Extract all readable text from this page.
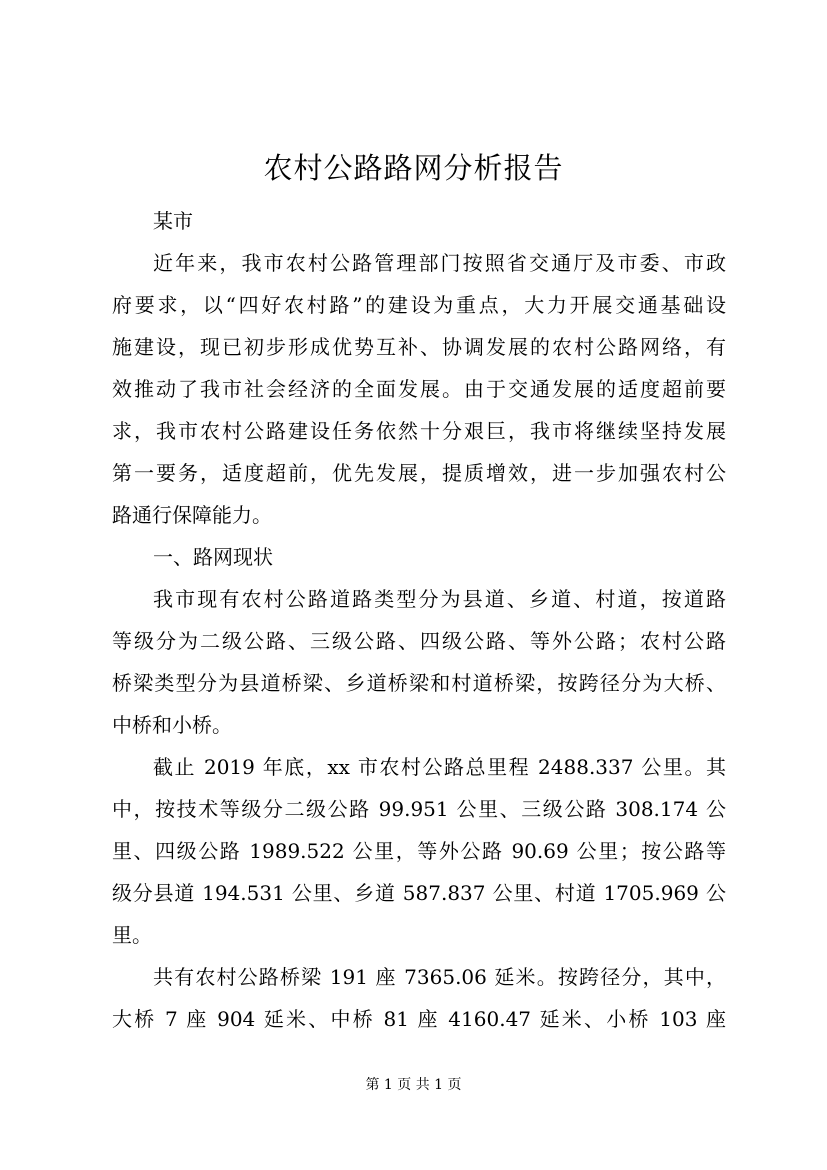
农村公路路网分析报告
某市
近年来，我市农村公路管理部门按照省交通厅及市委、市政
府要求，以“四好农村路”的建设为重点，大力开展交通基础设
施建设，现已初步形成优势互补、协调发展的农村公路网络，有
效推动了我市社会经济的全面发展。由于交通发展的适度超前要
求，我市农村公路建设任务依然十分艰巨，我市将继续坚持发展
第一要务，适度超前，优先发展，提质增效，进一步加强农村公
路通行保障能力。
一、路网现状
我市现有农村公路道路类型分为县道、乡道、村道，按道路
等级分为二级公路、三级公路、四级公路、等外公路；农村公路
桥梁类型分为县道桥梁、乡道桥梁和村道桥梁，按跨径分为大桥、
中桥和小桥。
截止 2019 年底，xx 市农村公路总里程 2488.337 公里。其
中，按技术等级分二级公路 99.951 公里、三级公路 308.174 公
里、四级公路 1989.522 公里，等外公路 90.69 公里；按公路等
级分县道 194.531 公里、乡道 587.837 公里、村道 1705.969 公
里。
共有农村公路桥梁 191 座 7365.06 延米。按跨径分，其中，
大桥 7 座 904 延米、中桥 81 座 4160.47 延米、小桥 103 座
第 1 页 共 1 页
